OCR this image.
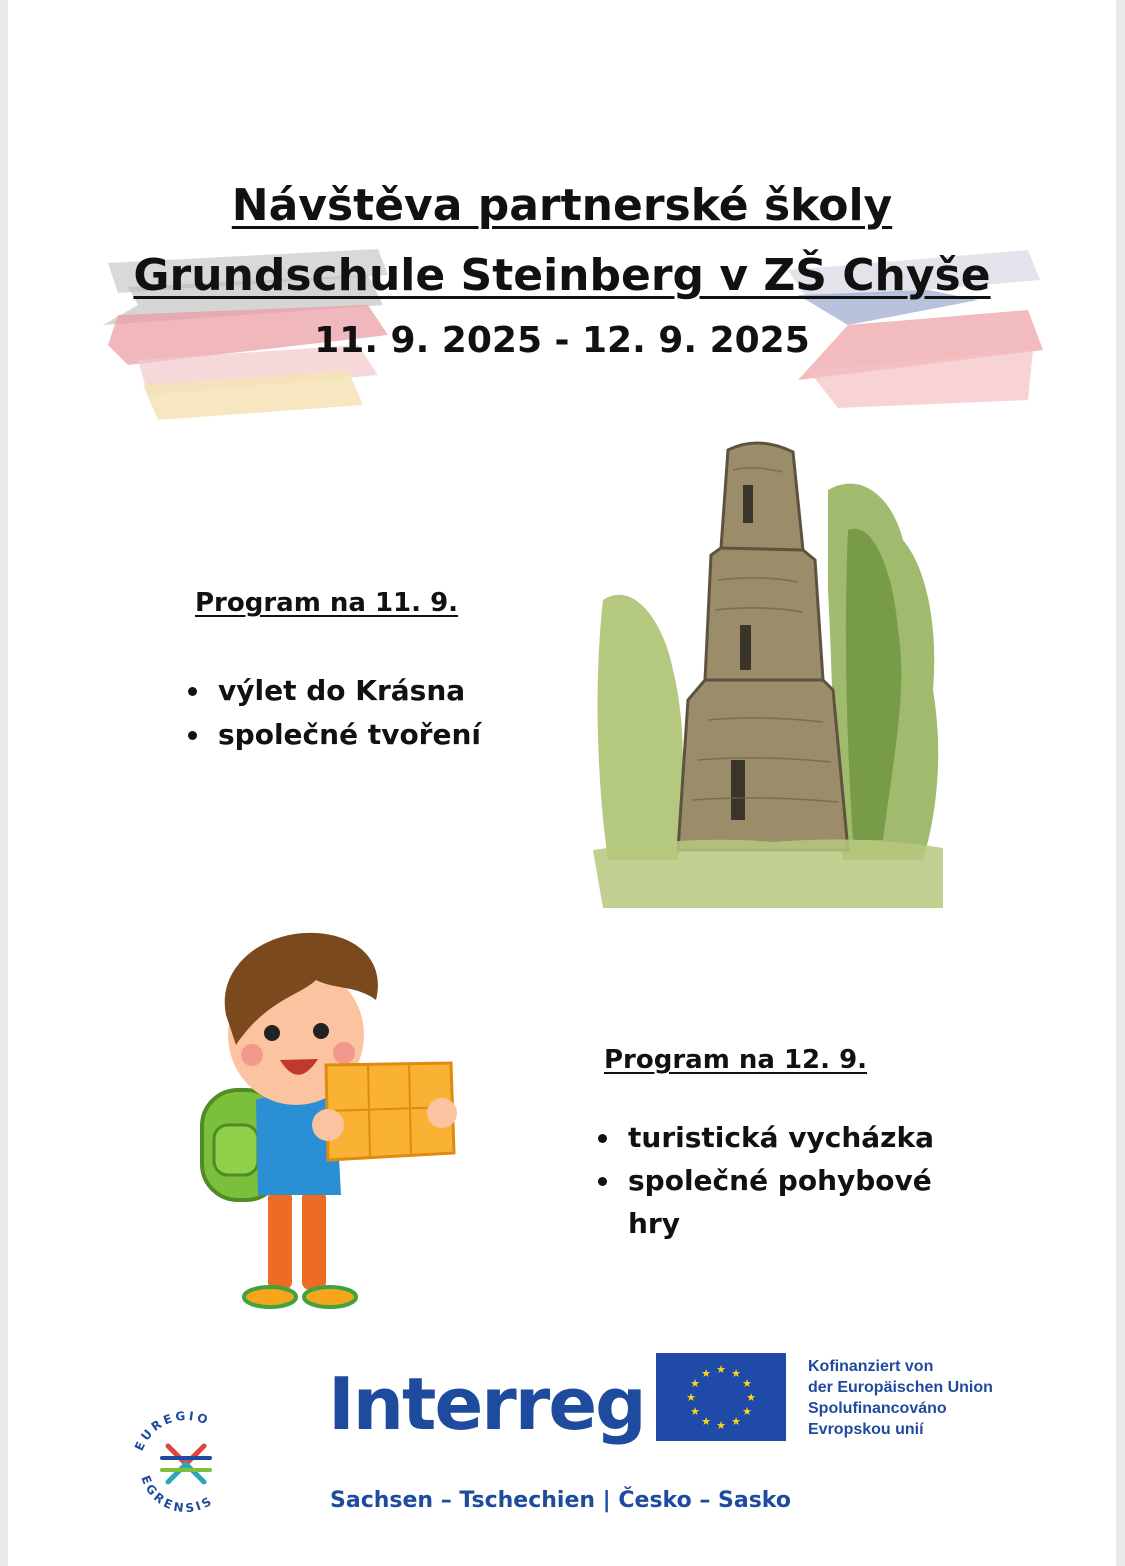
Návštěva partnerské školy
Grundschule Steinberg v ZŠ Chyše

11. 9. 2025 - 12. 9. 2025

Program na 11. 9.
výlet do Krásna
společné tvoření
Program na 12. 9.
turistická vycházka
společné pohybové hry

Interreg	★ ★
★
★
★
★
★
★
★
★
★
★	Kofinanziert von
der Europäischen Union
Spolufinancováno
Evropskou unií
EUREGIO
EGRENSIS	Sachsen – Tschechien | Česko – Sasko
